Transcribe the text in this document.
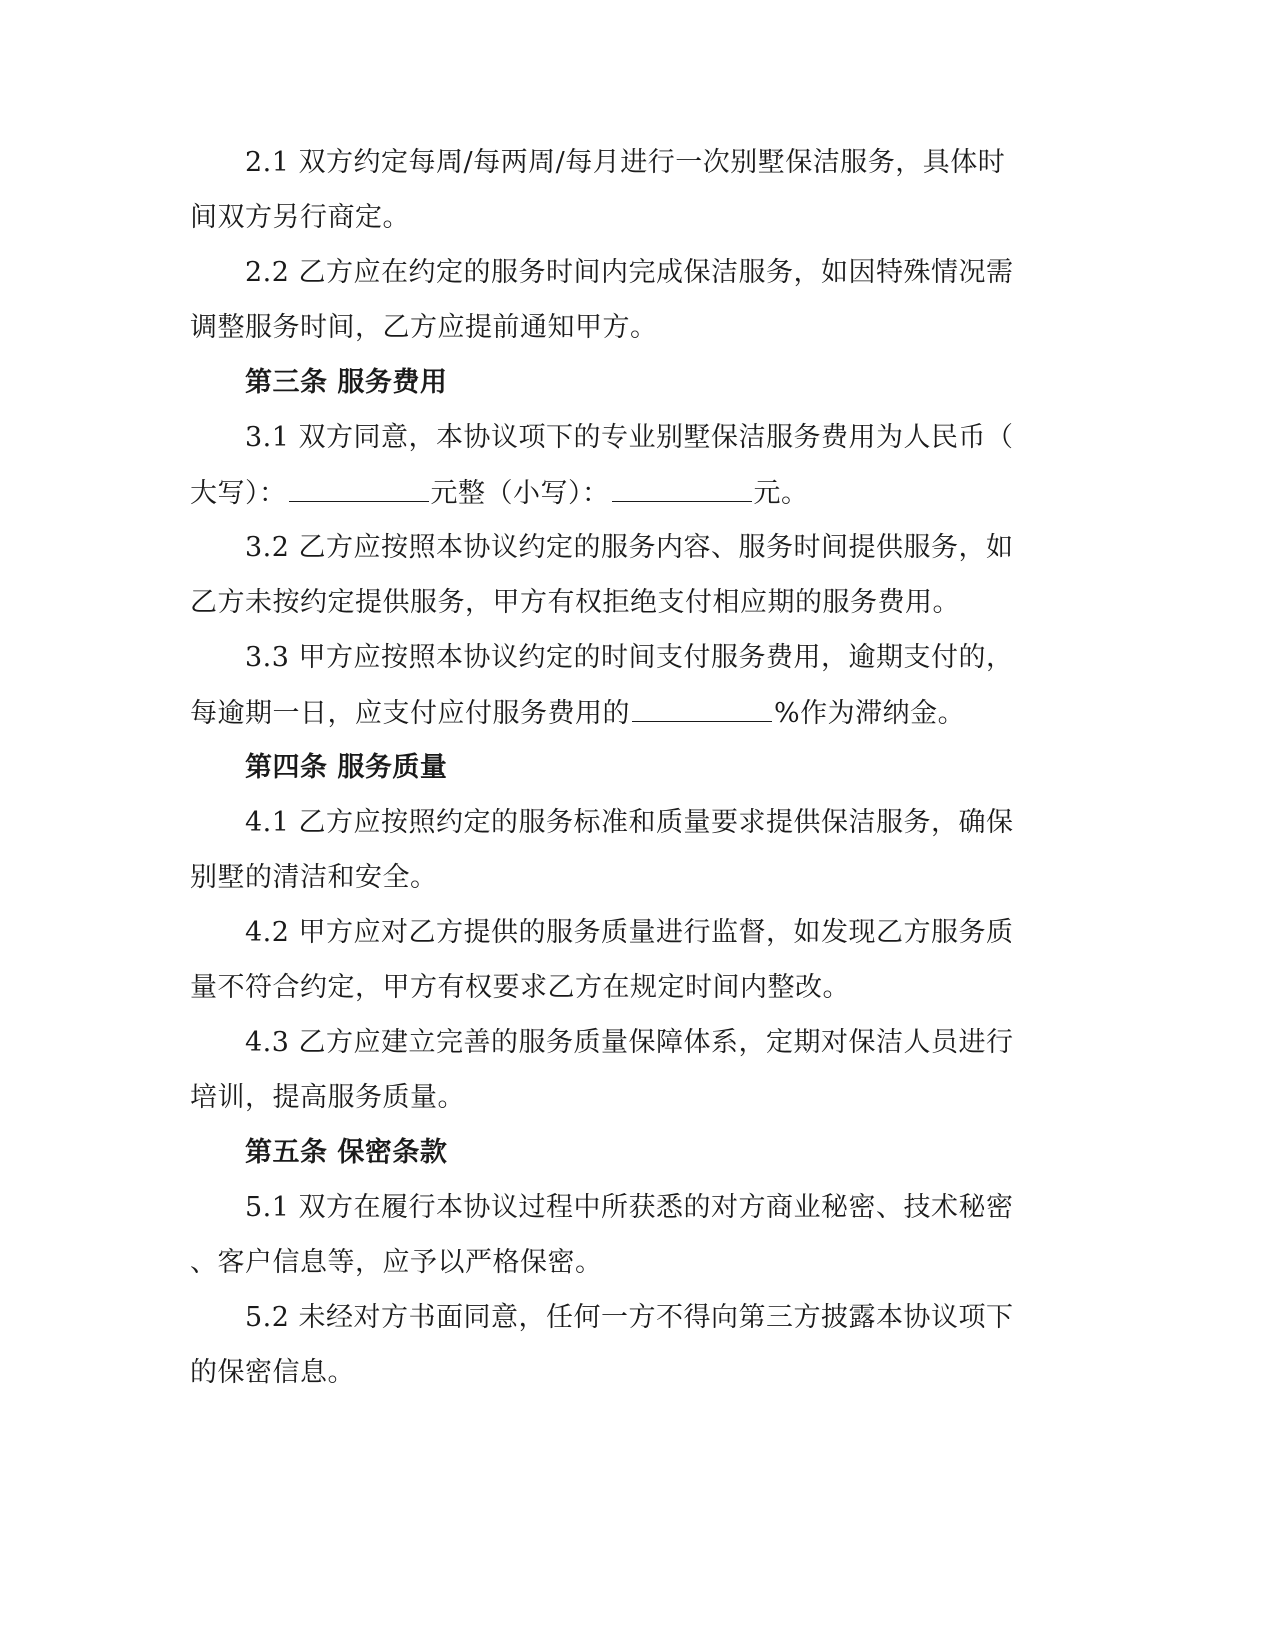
2.1 双方约定每周/每两周/每月进行一次别墅保洁服务，具体时
间双方另行商定。
2.2 乙方应在约定的服务时间内完成保洁服务，如因特殊情况需
调整服务时间，乙方应提前通知甲方。
第三条 服务费用
3.1 双方同意，本协议项下的专业别墅保洁服务费用为人民币（
大写）：	元整（小写）：	元。
3.2 乙方应按照本协议约定的服务内容、服务时间提供服务，如
乙方未按约定提供服务，甲方有权拒绝支付相应期的服务费用。
3.3 甲方应按照本协议约定的时间支付服务费用，逾期支付的，
每逾期一日，应支付应付服务费用的	%作为滞纳金。
第四条 服务质量
4.1 乙方应按照约定的服务标准和质量要求提供保洁服务，确保
别墅的清洁和安全。
4.2 甲方应对乙方提供的服务质量进行监督，如发现乙方服务质
量不符合约定，甲方有权要求乙方在规定时间内整改。
4.3 乙方应建立完善的服务质量保障体系，定期对保洁人员进行
培训，提高服务质量。
第五条 保密条款
5.1 双方在履行本协议过程中所获悉的对方商业秘密、技术秘密
、客户信息等，应予以严格保密。
5.2 未经对方书面同意，任何一方不得向第三方披露本协议项下
的保密信息。
